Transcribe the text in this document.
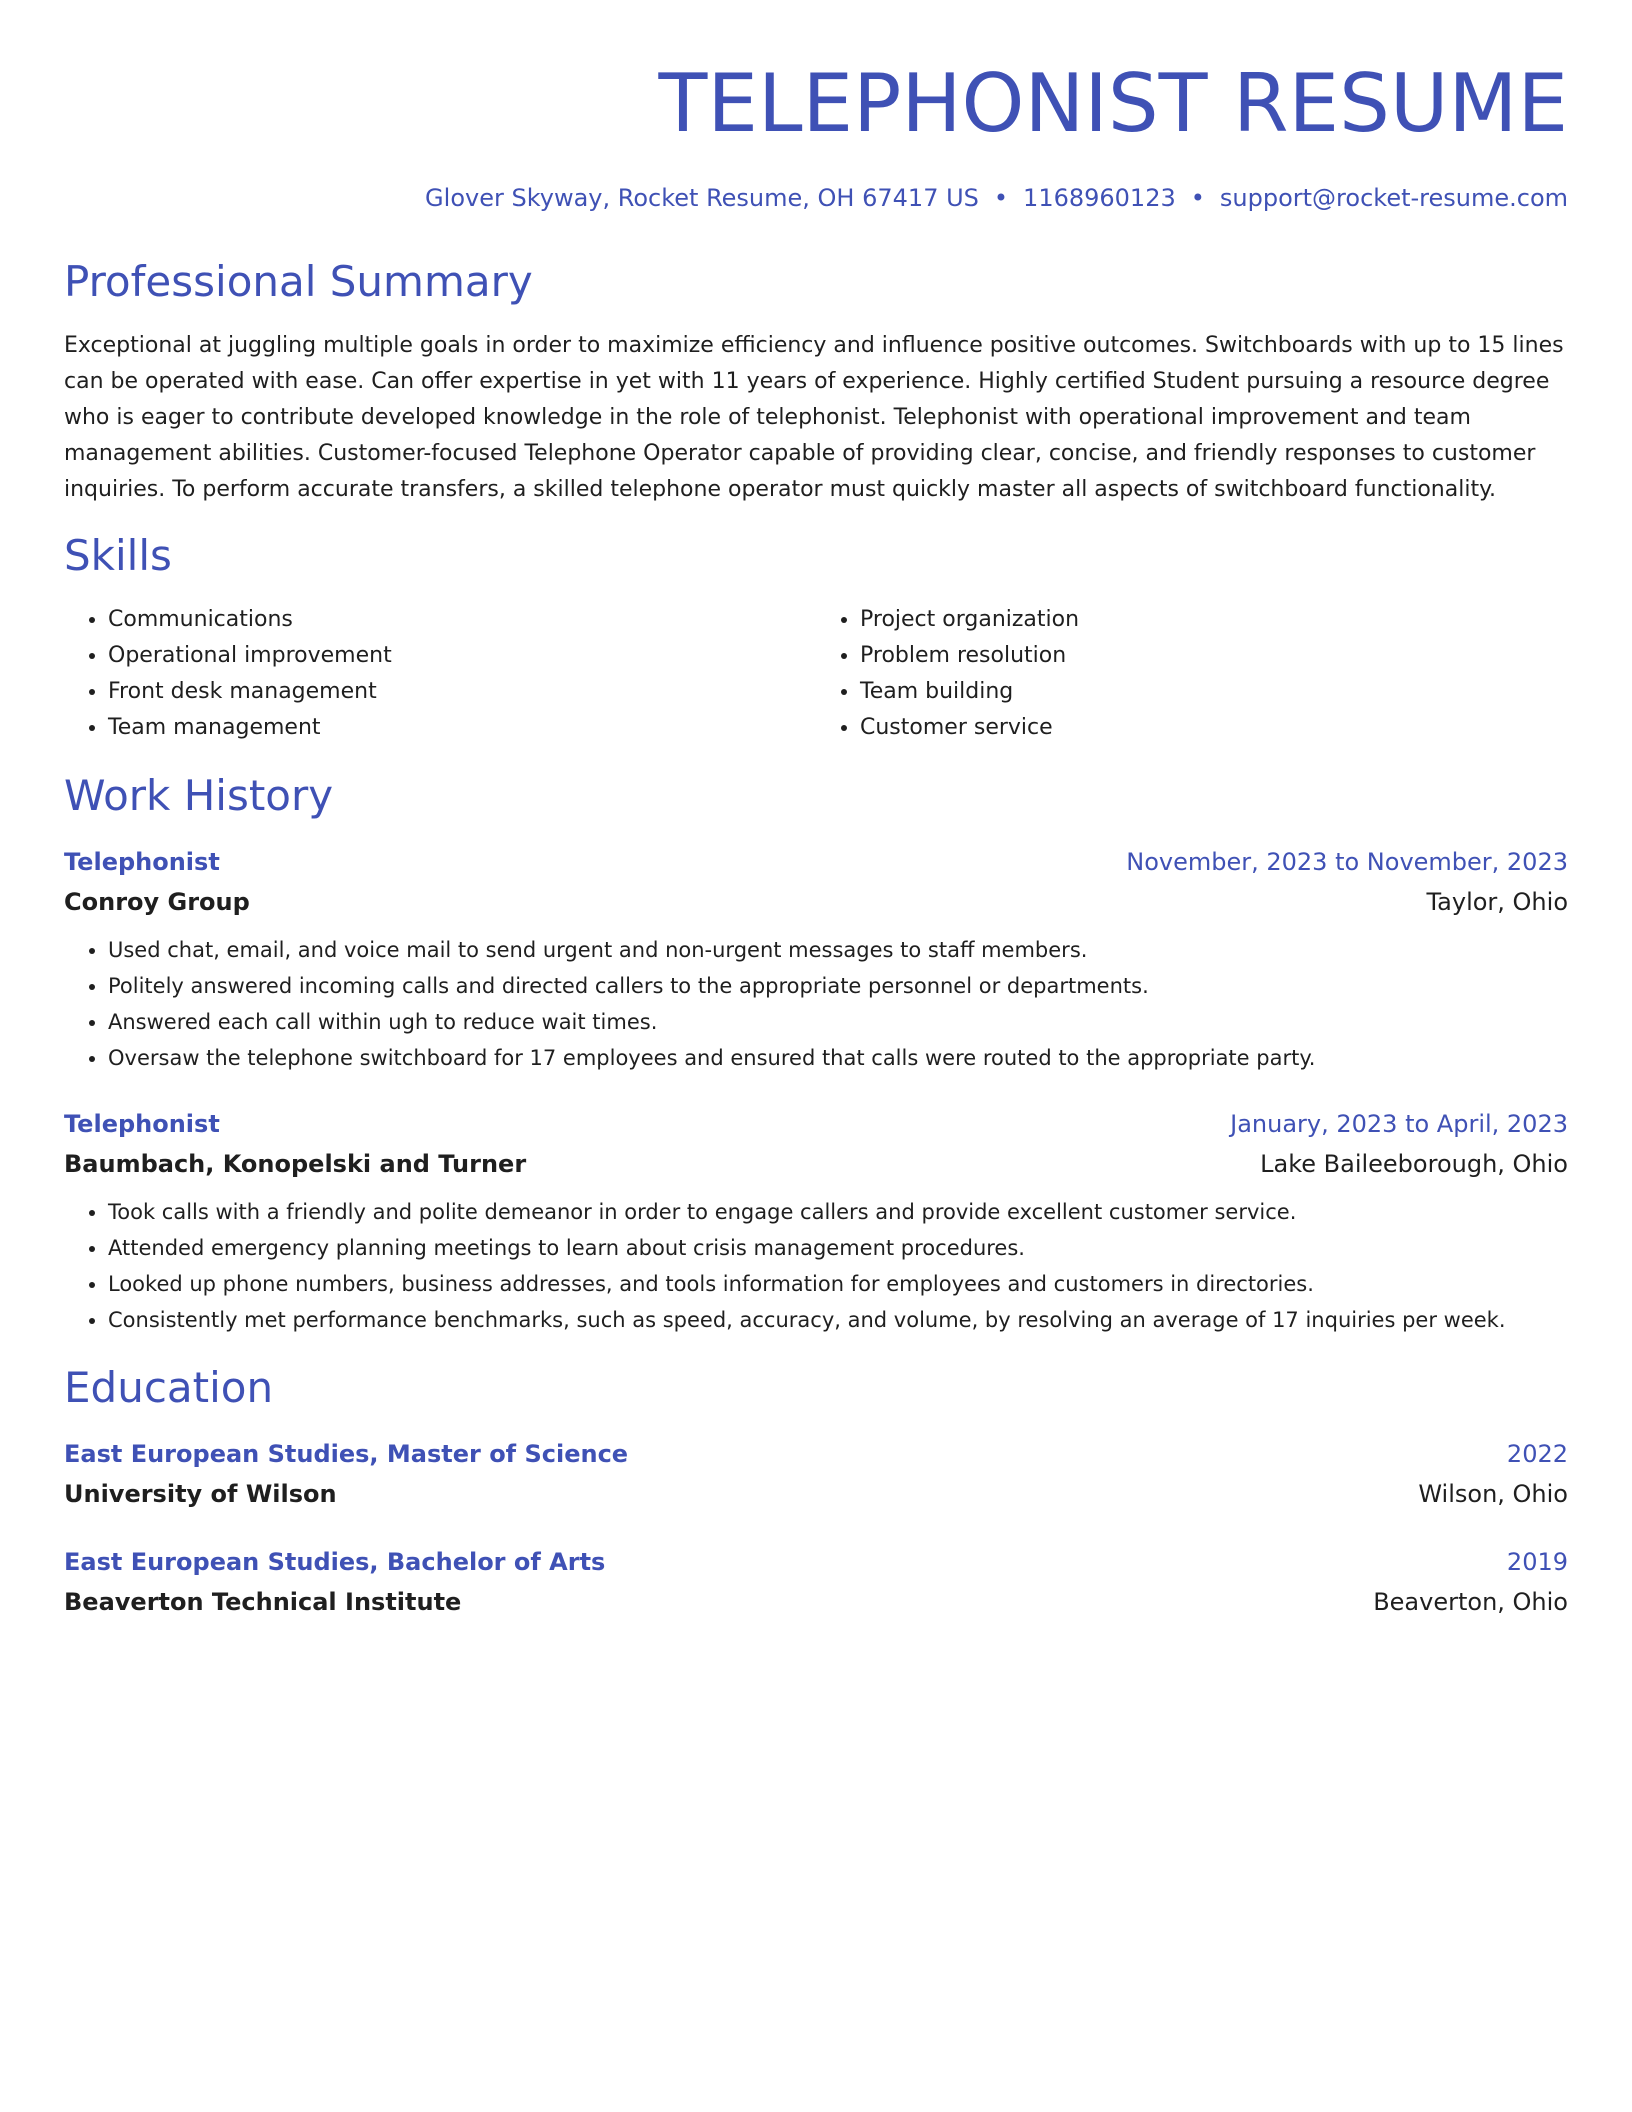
TELEPHONIST RESUME
Glover Skyway, Rocket Resume, OH 67417 US • 1168960123 • support@rocket-resume.com
Professional Summary

Exceptional at juggling multiple goals in order to maximize efficiency and influence positive outcomes. Switchboards with up to 15 lines can be operated with ease. Can offer expertise in yet with 11 years of experience. Highly certified Student pursuing a resource degree who is eager to contribute developed knowledge in the role of telephonist. Telephonist with operational improvement and team management abilities. Customer-focused Telephone Operator capable of providing clear, concise, and friendly responses to customer inquiries. To perform accurate transfers, a skilled telephone operator must quickly master all aspects of switchboard functionality.

Skills
• Communications
• Operational improvement
• Front desk management
• Team management
• Project organization
• Problem resolution
• Team building
• Customer service
Work History
Telephonist	November, 2023 to November, 2023
Conroy Group	Taylor, Ohio
• Used chat, email, and voice mail to send urgent and non-urgent messages to staff members.
• Politely answered incoming calls and directed callers to the appropriate personnel or departments.
• Answered each call within ugh to reduce wait times.
• Oversaw the telephone switchboard for 17 employees and ensured that calls were routed to the appropriate party.
Telephonist	January, 2023 to April, 2023
Baumbach, Konopelski and Turner	Lake Baileeborough, Ohio
• Took calls with a friendly and polite demeanor in order to engage callers and provide excellent customer service.
• Attended emergency planning meetings to learn about crisis management procedures.
• Looked up phone numbers, business addresses, and tools information for employees and customers in directories.
• Consistently met performance benchmarks, such as speed, accuracy, and volume, by resolving an average of 17 inquiries per week.
Education
East European Studies, Master of Science	2022
University of Wilson	Wilson, Ohio
East European Studies, Bachelor of Arts	2019
Beaverton Technical Institute	Beaverton, Ohio
